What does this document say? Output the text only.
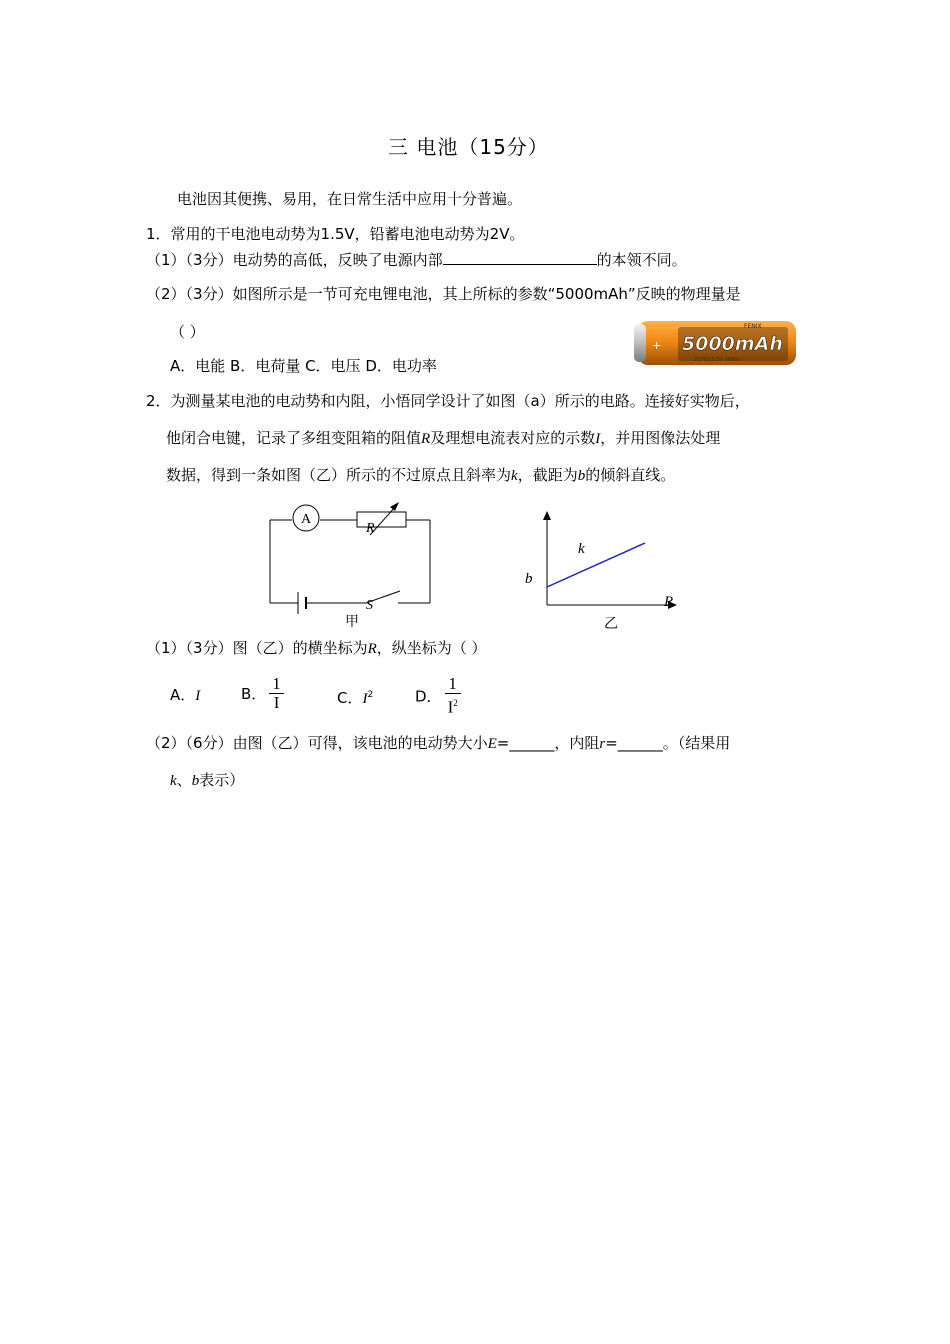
三 电池（15分）
电池因其便携、易用，在日常生活中应用十分普遍。
1．常用的干电池电动势为1.5V，铅蓄电池电动势为2V。
（1）（3分）电动势的高低，反映了电源内部	的本领不同。
（2）（3分）如图所示是一节可充电锂电池，其上所标的参数“5000mAh”反映的物理量是
（ ）
A．电能 B．电荷量 C．电压 D．电功率
+
FENIX
5000mAh
21700 3.6V 18Wh
2．为测量某电池的电动势和内阻，小悟同学设计了如图（a）所示的电路。连接好实物后，
他闭合电键，记录了多组变阻箱的阻值R及理想电流表对应的示数I，并用图像法处理
数据，得到一条如图（乙）所示的不过原点且斜率为k，截距为b的倾斜直线。
A
R
S
甲
b
k
R
乙
（1）（3分）图（乙）的横坐标为R，纵坐标为（ ）
A．I	B． $\frac{1}{I}$	C．$I^2$	D． $\frac{1}{I^2}$
（2）（6分）由图（乙）可得，该电池的电动势大小E=______，内阻r=______。（结果用
k、b表示）
